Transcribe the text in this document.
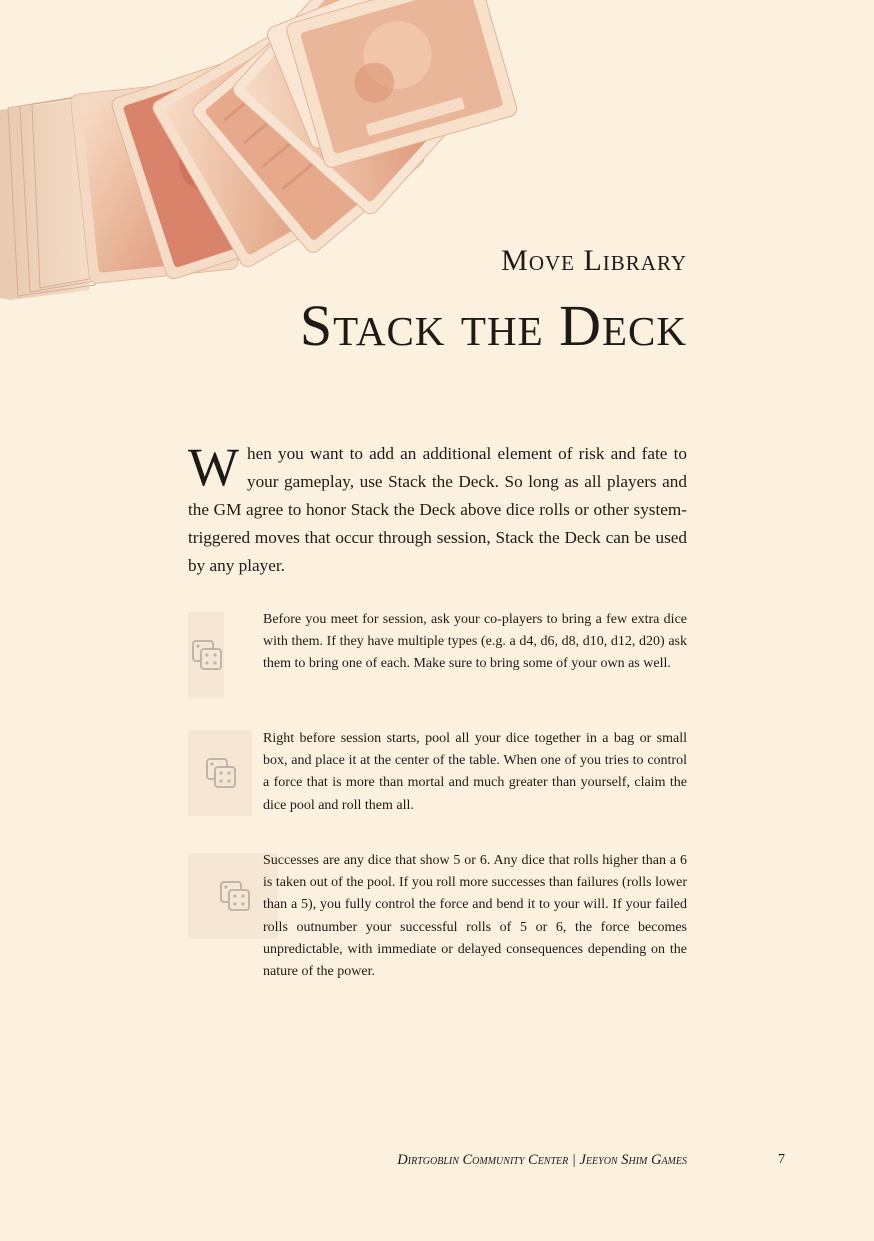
Move Library
Stack the Deck

When you want to add an additional element of risk and fate to your gameplay, use Stack the Deck. So long as all players and the GM agree to honor Stack the Deck above dice rolls or other system-triggered moves that occur through session, Stack the Deck can be used by any player.

Before you meet for session, ask your co-players to bring a few extra dice with them. If they have multiple types (e.g. a d4, d6, d8, d10, d12, d20) ask them to bring one of each. Make sure to bring some of your own as well.

Right before session starts, pool all your dice together in a bag or small box, and place it at the center of the table. When one of you tries to control a force that is more than mortal and much greater than yourself, claim the dice pool and roll them all.

Successes are any dice that show 5 or 6. Any dice that rolls higher than a 6 is taken out of the pool. If you roll more successes than failures (rolls lower than a 5), you fully control the force and bend it to your will. If your failed rolls outnumber your successful rolls of 5 or 6, the force becomes unpredictable, with immediate or delayed consequences depending on the nature of the power.

Dirtgoblin Community Center | Jeeyon Shim Games	7
